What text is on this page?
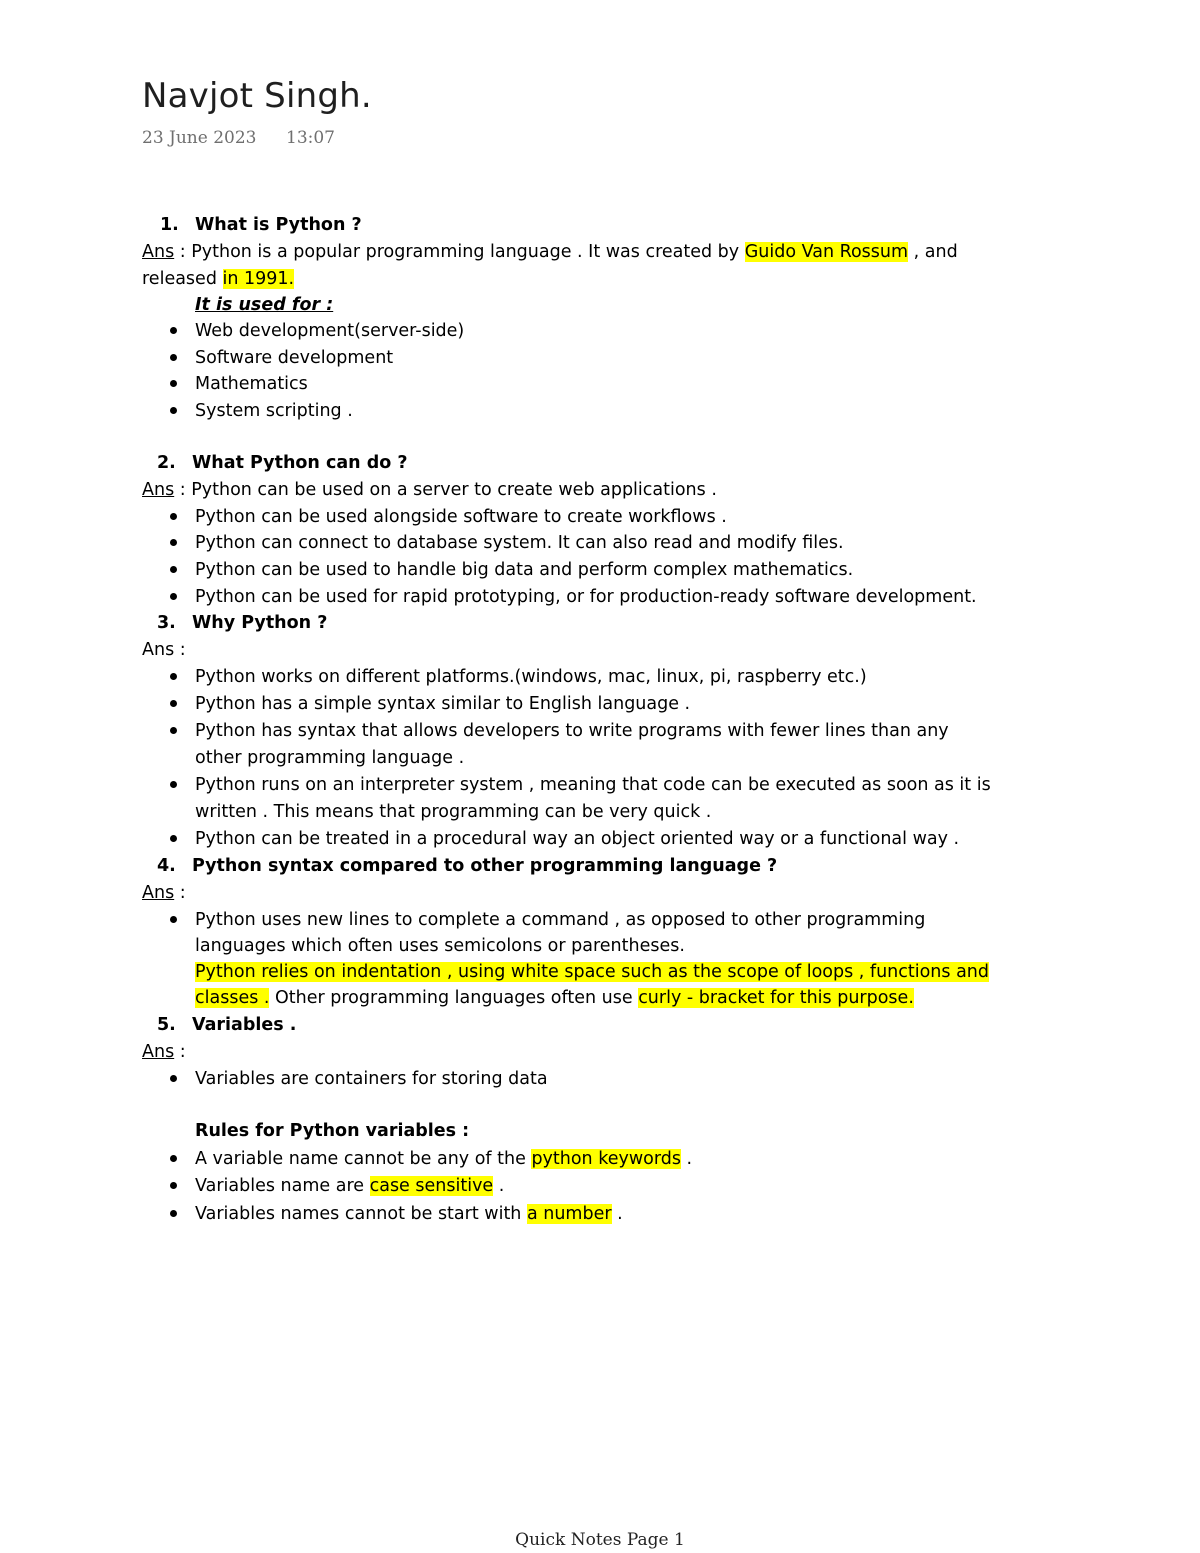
Navjot Singh.
23 June 2023 13:07
1. What is Python ?
Ans : Python is a popular programming language . It was created by Guido Van Rossum , and
released in 1991.
It is used for :
Web development(server-side)
Software development
Mathematics
System scripting .
2. What Python can do ?
Ans : Python can be used on a server to create web applications .
Python can be used alongside software to create workflows .
Python can connect to database system. It can also read and modify files.
Python can be used to handle big data and perform complex mathematics.
Python can be used for rapid prototyping, or for production-ready software development.
3. Why Python ?
Ans :
Python works on different platforms.(windows, mac, linux, pi, raspberry etc.)
Python has a simple syntax similar to English language .
Python has syntax that allows developers to write programs with fewer lines than any
other programming language .
Python runs on an interpreter system , meaning that code can be executed as soon as it is
written . This means that programming can be very quick .
Python can be treated in a procedural way an object oriented way or a functional way .
4. Python syntax compared to other programming language ?
Ans :
Python uses new lines to complete a command , as opposed to other programming
languages which often uses semicolons or parentheses.
Python relies on indentation , using white space such as the scope of loops , functions and
classes . Other programming languages often use curly - bracket for this purpose.
5. Variables .
Ans :
Variables are containers for storing data
Rules for Python variables :
A variable name cannot be any of the python keywords .
Variables name are case sensitive .
Variables names cannot be start with a number .
Quick Notes Page 1
